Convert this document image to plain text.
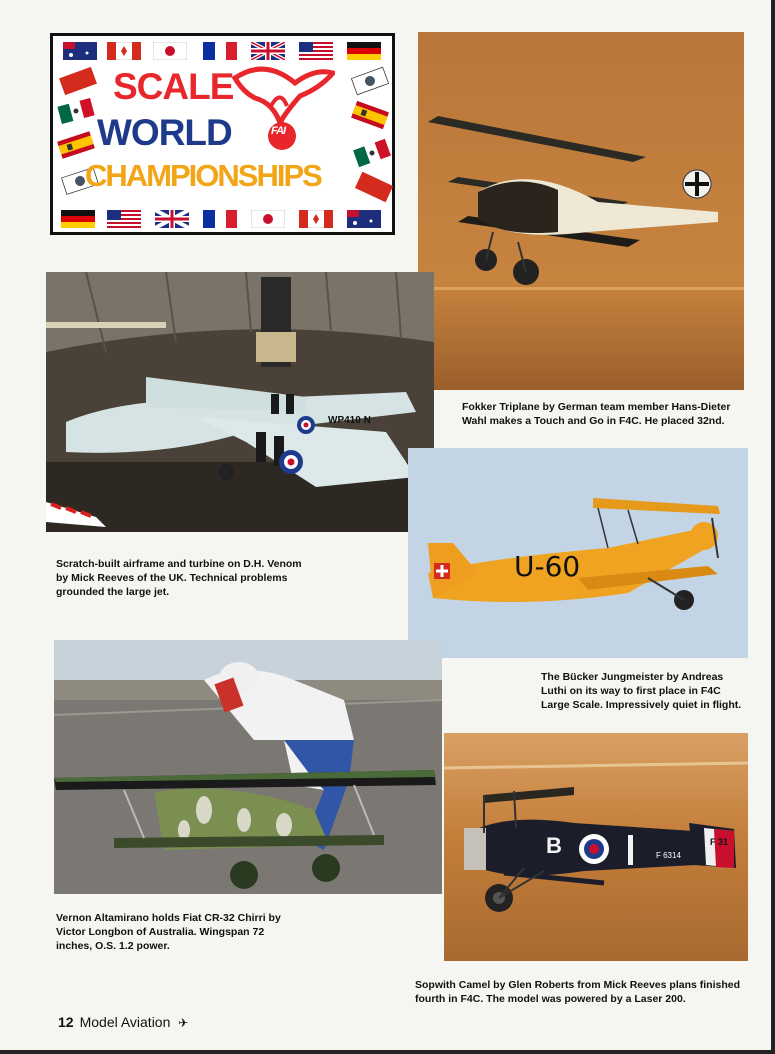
FAI
SCALE
WORLD
CHAMPIONSHIPS
WP410 N
Fokker Triplane by German team member Hans-Dieter Wahl makes a Touch and Go in F4C. He placed 32nd.
U-60
Scratch-built airframe and turbine on D.H. Venom by Mick Reeves of the UK. Technical problems grounded the large jet.
The Bücker Jungmeister by Andreas Luthi on its way to first place in F4C Large Scale. Impressively quiet in flight.
B	F 6314
F 31
Vernon Altamirano holds Fiat CR-32 Chirri by Victor Longbon of Australia. Wingspan 72 inches, O.S. 1.2 power.
Sopwith Camel by Glen Roberts from Mick Reeves plans finished fourth in F4C. The model was powered by a Laser 200.
12 Model Aviation ✈
